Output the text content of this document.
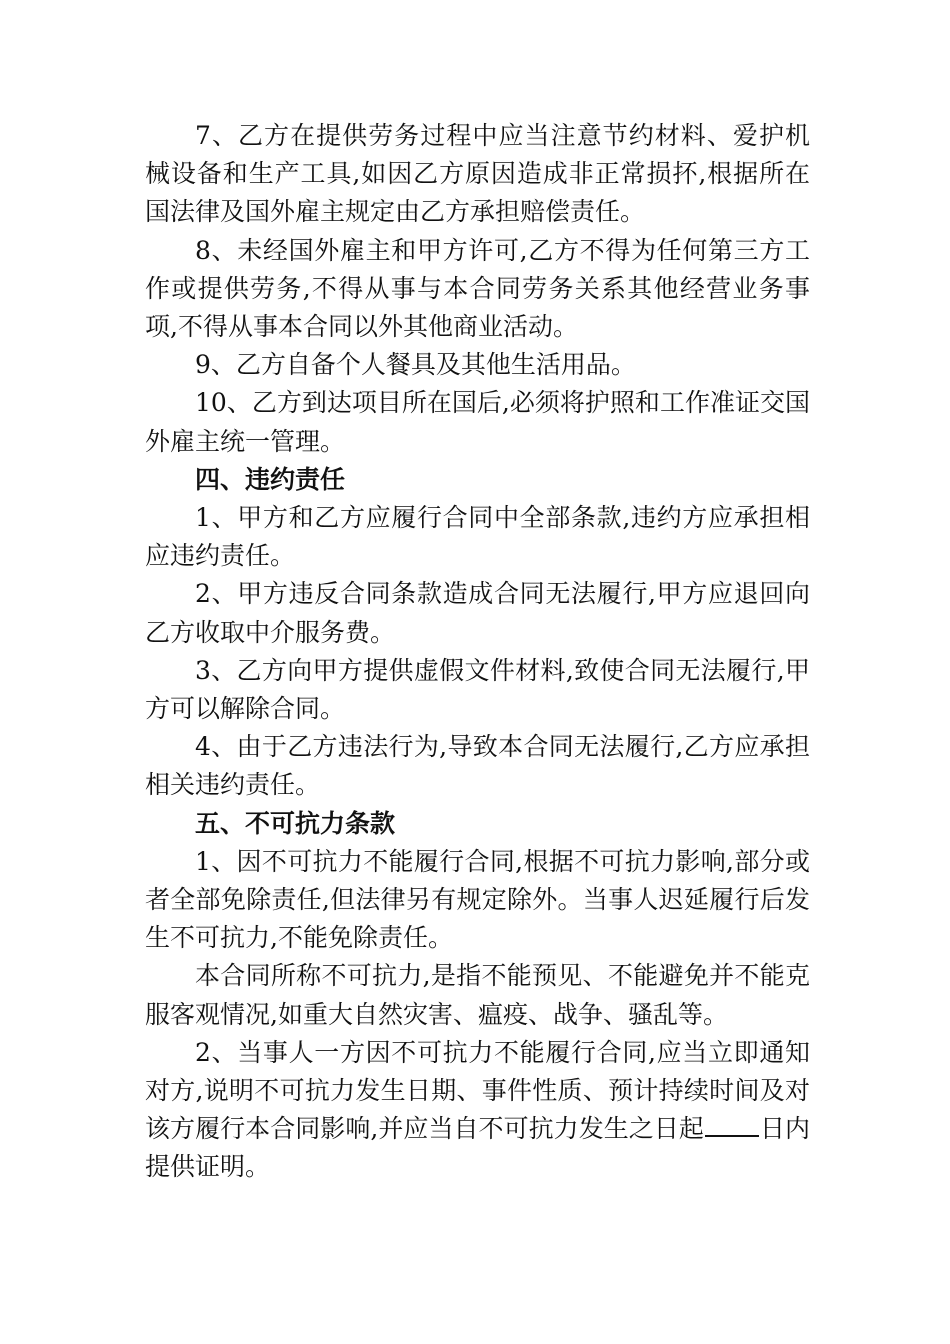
7、乙方在提供劳务过程中应当注意节约材料、爱护机械设备和生产工具,如因乙方原因造成非正常损抔,根据所在国法律及国外雇主规定由乙方承担赔偿责任。

8、未经国外雇主和甲方许可,乙方不得为任何第三方工作或提供劳务,不得从事与本合同劳务关系其他经营业务事项,不得从事本合同以外其他商业活动。

9、乙方自备个人餐具及其他生活用品。

10、乙方到达项目所在国后,必须将护照和工作准证交国外雇主统一管理。

四、违约责任

1、甲方和乙方应履行合同中全部条款,违约方应承担相应违约责任。

2、甲方违反合同条款造成合同无法履行,甲方应退回向乙方收取中介服务费。

3、乙方向甲方提供虚假文件材料,致使合同无法履行,甲方可以解除合同。

4、由于乙方违法行为,导致本合同无法履行,乙方应承担相关违约责任。

五、不可抗力条款

1、因不可抗力不能履行合同,根据不可抗力影响,部分或者全部免除责任,但法律另有规定除外。当事人迟延履行后发生不可抗力,不能免除责任。

本合同所称不可抗力,是指不能预见、不能避免并不能克服客观情况,如重大自然灾害、瘟疫、战争、骚乱等。

2、当事人一方因不可抗力不能履行合同,应当立即通知对方,说明不可抗力发生日期、事件性质、预计持续时间及对该方履行本合同影响,并应当自不可抗力发生之日起 日内提供证明。
